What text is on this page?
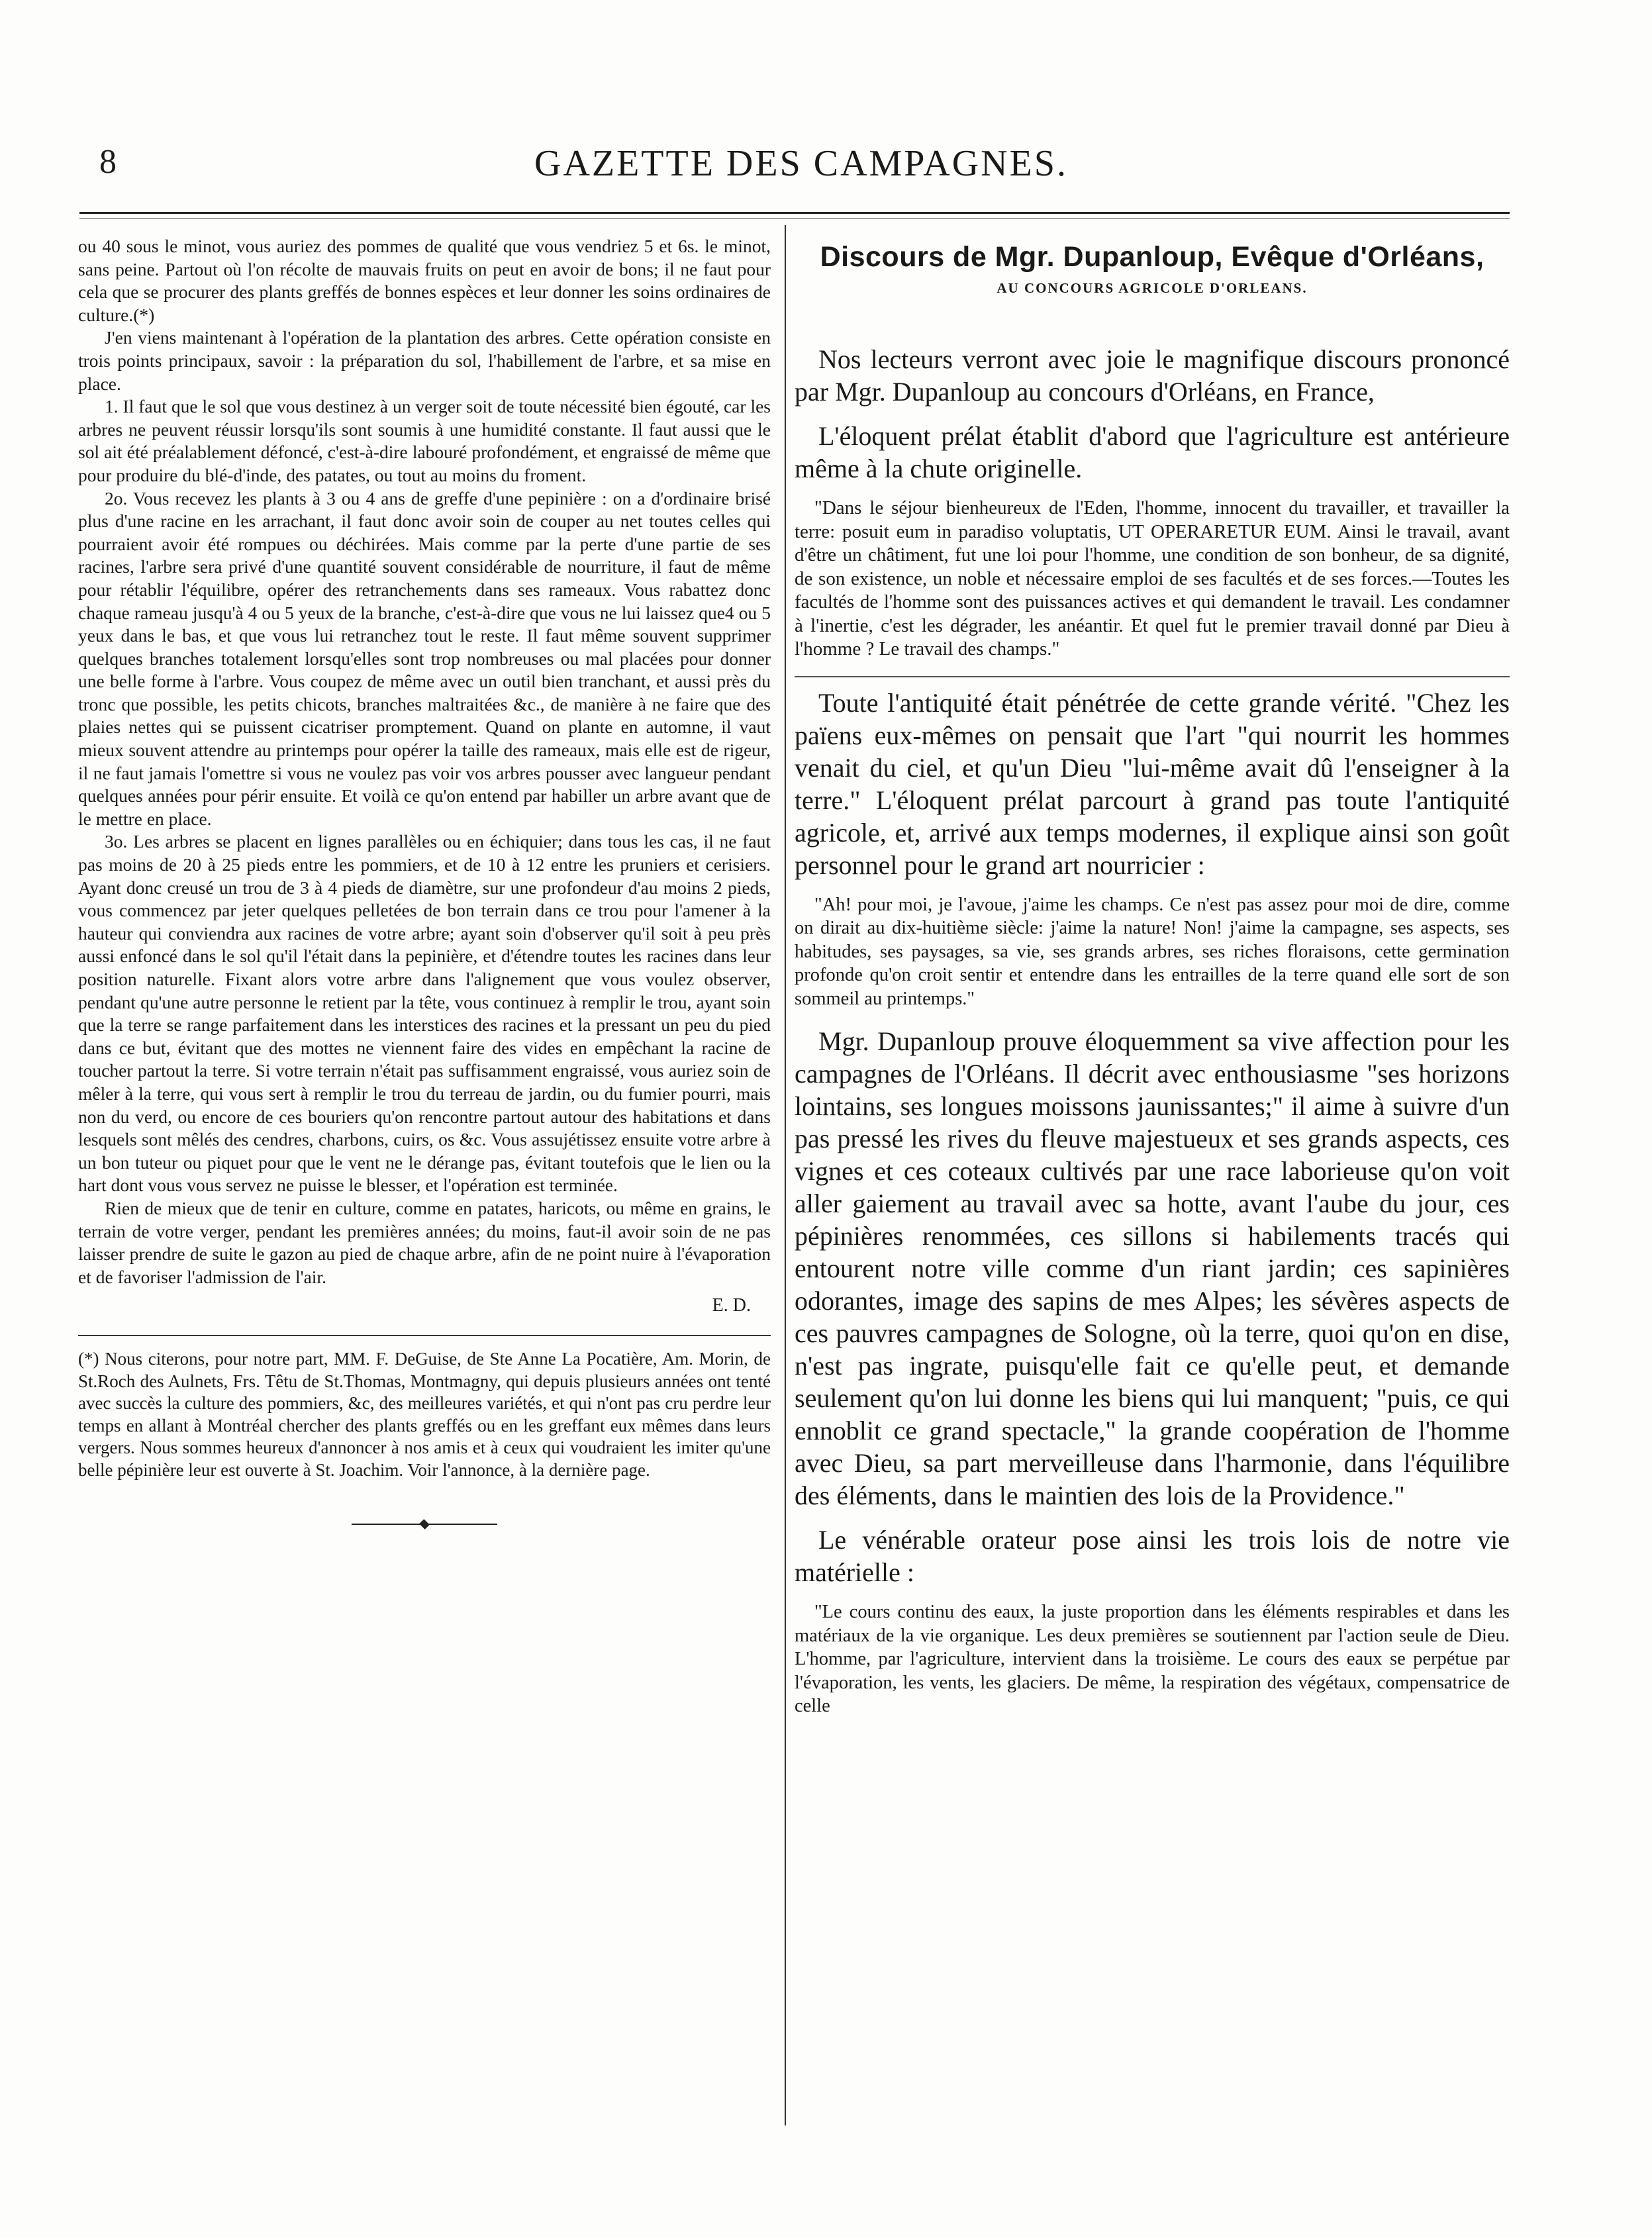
8	GAZETTE DES CAMPAGNES.

ou 40 sous le minot, vous auriez des pommes de qualité que vous vendriez 5 et 6s. le minot, sans peine. Partout où l'on récolte de mauvais fruits on peut en avoir de bons; il ne faut pour cela que se procurer des plants greffés de bonnes espèces et leur donner les soins ordinaires de culture.(*)

J'en viens maintenant à l'opération de la plantation des arbres. Cette opération consiste en trois points principaux, savoir : la préparation du sol, l'habillement de l'arbre, et sa mise en place.

1. Il faut que le sol que vous destinez à un verger soit de toute nécessité bien égouté, car les arbres ne peuvent réussir lorsqu'ils sont soumis à une humidité constante. Il faut aussi que le sol ait été préalablement défoncé, c'est-à-dire labouré profondément, et engraissé de même que pour produire du blé-d'inde, des patates, ou tout au moins du froment.

2o. Vous recevez les plants à 3 ou 4 ans de greffe d'une pepinière : on a d'ordinaire brisé plus d'une racine en les arrachant, il faut donc avoir soin de couper au net toutes celles qui pourraient avoir été rompues ou déchirées. Mais comme par la perte d'une partie de ses racines, l'arbre sera privé d'une quantité souvent considérable de nourriture, il faut de même pour rétablir l'équilibre, opérer des retranchements dans ses rameaux. Vous rabattez donc chaque rameau jusqu'à 4 ou 5 yeux de la branche, c'est-à-dire que vous ne lui laissez que4 ou 5 yeux dans le bas, et que vous lui retranchez tout le reste. Il faut même souvent supprimer quelques branches totalement lorsqu'elles sont trop nombreuses ou mal placées pour donner une belle forme à l'arbre. Vous coupez de même avec un outil bien tranchant, et aussi près du tronc que possible, les petits chicots, branches maltraitées &c., de manière à ne faire que des plaies nettes qui se puissent cicatriser promptement. Quand on plante en automne, il vaut mieux souvent attendre au printemps pour opérer la taille des rameaux, mais elle est de rigeur, il ne faut jamais l'omettre si vous ne voulez pas voir vos arbres pousser avec langueur pendant quelques années pour périr ensuite. Et voilà ce qu'on entend par habiller un arbre avant que de le mettre en place.

3o. Les arbres se placent en lignes parallèles ou en échiquier; dans tous les cas, il ne faut pas moins de 20 à 25 pieds entre les pommiers, et de 10 à 12 entre les pruniers et cerisiers. Ayant donc creusé un trou de 3 à 4 pieds de diamètre, sur une profondeur d'au moins 2 pieds, vous commencez par jeter quelques pelletées de bon terrain dans ce trou pour l'amener à la hauteur qui conviendra aux racines de votre arbre; ayant soin d'observer qu'il soit à peu près aussi enfoncé dans le sol qu'il l'était dans la pepinière, et d'étendre toutes les racines dans leur position naturelle. Fixant alors votre arbre dans l'alignement que vous voulez observer, pendant qu'une autre personne le retient par la tête, vous continuez à remplir le trou, ayant soin que la terre se range parfaitement dans les interstices des racines et la pressant un peu du pied dans ce but, évitant que des mottes ne viennent faire des vides en empêchant la racine de toucher partout la terre. Si votre terrain n'était pas suffisamment engraissé, vous auriez soin de mêler à la terre, qui vous sert à remplir le trou du terreau de jardin, ou du fumier pourri, mais non du verd, ou encore de ces bouriers qu'on rencontre partout autour des habitations et dans lesquels sont mêlés des cendres, charbons, cuirs, os &c. Vous assujétissez ensuite votre arbre à un bon tuteur ou piquet pour que le vent ne le dérange pas, évitant toutefois que le lien ou la hart dont vous vous servez ne puisse le blesser, et l'opération est terminée.

Rien de mieux que de tenir en culture, comme en patates, haricots, ou même en grains, le terrain de votre verger, pendant les premières années; du moins, faut-il avoir soin de ne pas laisser prendre de suite le gazon au pied de chaque arbre, afin de ne point nuire à l'évaporation et de favoriser l'admission de l'air.

E. D.

(*) Nous citerons, pour notre part, MM. F. DeGuise, de Ste Anne La Pocatière, Am. Morin, de St.Roch des Aulnets, Frs. Têtu de St.Thomas, Montmagny, qui depuis plusieurs années ont tenté avec succès la culture des pommiers, &c, des meilleures variétés, et qui n'ont pas cru perdre leur temps en allant à Montréal chercher des plants greffés ou en les greffant eux mêmes dans leurs vergers. Nous sommes heureux d'annoncer à nos amis et à ceux qui voudraient les imiter qu'une belle pépinière leur est ouverte à St. Joachim. Voir l'annonce, à la dernière page.

Discours de Mgr. Dupanloup, Evêque d'Orléans,
AU CONCOURS AGRICOLE D'ORLEANS.

Nos lecteurs verront avec joie le magnifique discours prononcé par Mgr. Dupanloup au concours d'Orléans, en France,

L'éloquent prélat établit d'abord que l'agriculture est antérieure même à la chute originelle.

"Dans le séjour bienheureux de l'Eden, l'homme, innocent du travailler, et travailler la terre: posuit eum in paradiso voluptatis, UT OPERARETUR EUM. Ainsi le travail, avant d'être un châtiment, fut une loi pour l'homme, une condition de son bonheur, de sa dignité, de son existence, un noble et nécessaire emploi de ses facultés et de ses forces.—Toutes les facultés de l'homme sont des puissances actives et qui demandent le travail. Les condamner à l'inertie, c'est les dégrader, les anéantir. Et quel fut le premier travail donné par Dieu à l'homme ? Le travail des champs."

Toute l'antiquité était pénétrée de cette grande vérité. "Chez les païens eux-mêmes on pensait que l'art "qui nourrit les hommes venait du ciel, et qu'un Dieu "lui-même avait dû l'enseigner à la terre." L'éloquent prélat parcourt à grand pas toute l'antiquité agricole, et, arrivé aux temps modernes, il explique ainsi son goût personnel pour le grand art nourricier :

"Ah! pour moi, je l'avoue, j'aime les champs. Ce n'est pas assez pour moi de dire, comme on dirait au dix-huitième siècle: j'aime la nature! Non! j'aime la campagne, ses aspects, ses habitudes, ses paysages, sa vie, ses grands arbres, ses riches floraisons, cette germination profonde qu'on croit sentir et entendre dans les entrailles de la terre quand elle sort de son sommeil au printemps."

Mgr. Dupanloup prouve éloquemment sa vive affection pour les campagnes de l'Orléans. Il décrit avec enthousiasme "ses horizons lointains, ses longues moissons jaunissantes;" il aime à suivre d'un pas pressé les rives du fleuve majestueux et ses grands aspects, ces vignes et ces coteaux cultivés par une race laborieuse qu'on voit aller gaiement au travail avec sa hotte, avant l'aube du jour, ces pépinières renommées, ces sillons si habilements tracés qui entourent notre ville comme d'un riant jardin; ces sapinières odorantes, image des sapins de mes Alpes; les sévères aspects de ces pauvres campagnes de Sologne, où la terre, quoi qu'on en dise, n'est pas ingrate, puisqu'elle fait ce qu'elle peut, et demande seulement qu'on lui donne les biens qui lui manquent; "puis, ce qui ennoblit ce grand spectacle," la grande coopération de l'homme avec Dieu, sa part merveilleuse dans l'harmonie, dans l'équilibre des éléments, dans le maintien des lois de la Providence."

Le vénérable orateur pose ainsi les trois lois de notre vie matérielle :

"Le cours continu des eaux, la juste proportion dans les éléments respirables et dans les matériaux de la vie organique. Les deux premières se soutiennent par l'action seule de Dieu. L'homme, par l'agriculture, intervient dans la troisième. Le cours des eaux se perpétue par l'évaporation, les vents, les glaciers. De même, la respiration des végétaux, compensatrice de celle
